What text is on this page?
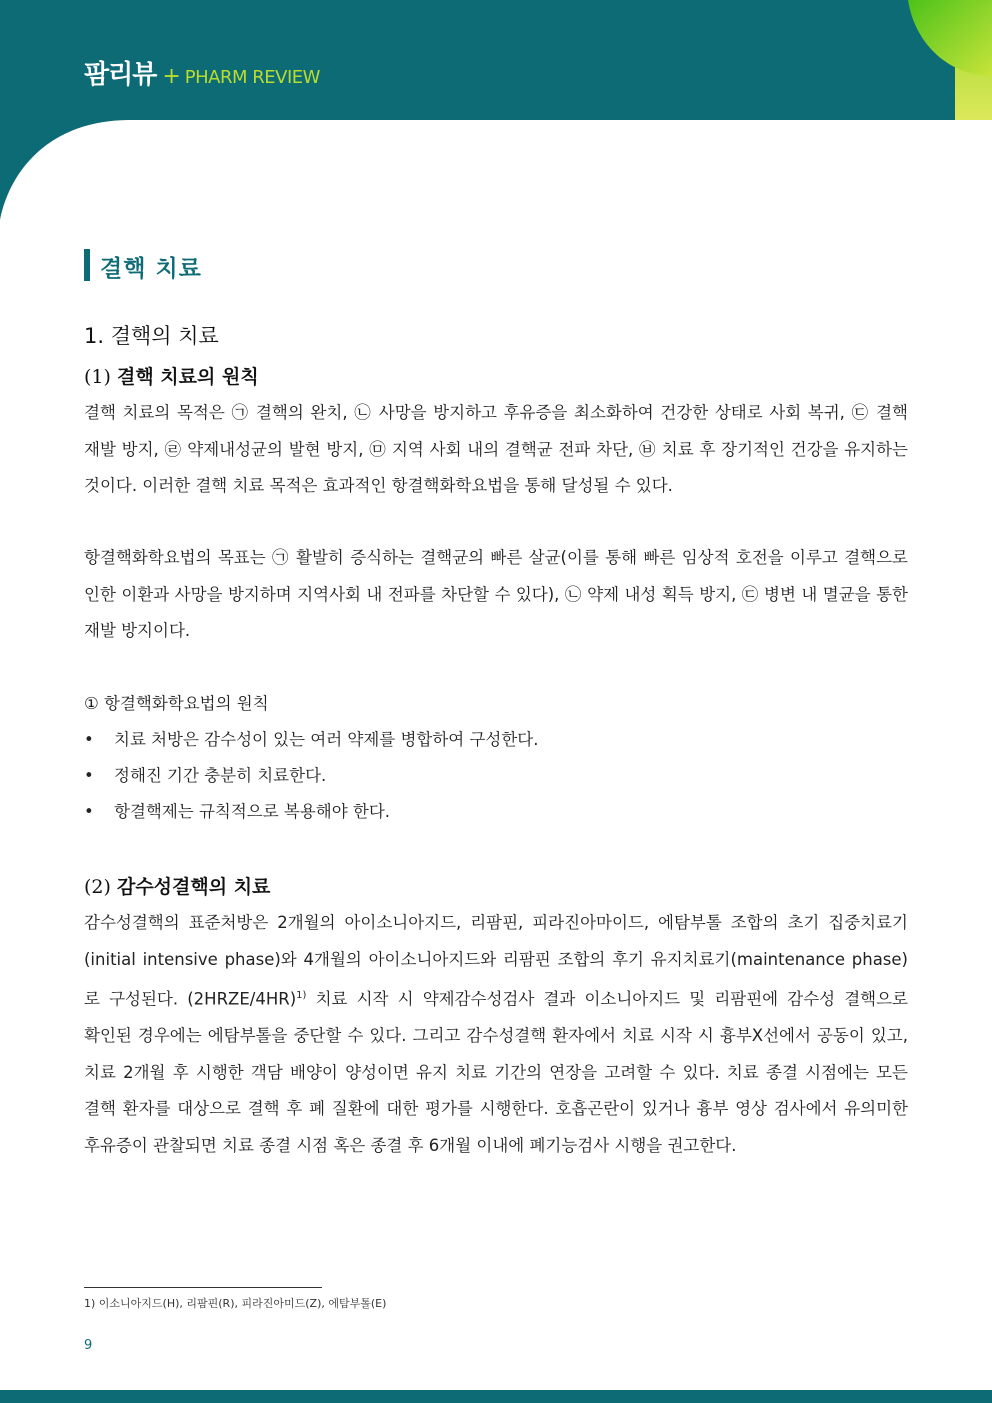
팜리뷰 + PHARM REVIEW
결핵 치료
1. 결핵의 치료
(1) 결핵 치료의 원칙

결핵 치료의 목적은 ㉠ 결핵의 완치, ㉡ 사망을 방지하고 후유증을 최소화하여 건강한 상태로 사회 복귀, ㉢ 결핵 재발 방지, ㉣ 약제내성균의 발현 방지, ㉤ 지역 사회 내의 결핵균 전파 차단, ㉥ 치료 후 장기적인 건강을 유지하는 것이다. 이러한 결핵 치료 목적은 효과적인 항결핵화학요법을 통해 달성될 수 있다.

항결핵화학요법의 목표는 ㉠ 활발히 증식하는 결핵균의 빠른 살균(이를 통해 빠른 임상적 호전을 이루고 결핵으로 인한 이환과 사망을 방지하며 지역사회 내 전파를 차단할 수 있다), ㉡ 약제 내성 획득 방지, ㉢ 병변 내 멸균을 통한 재발 방지이다.

① 항결핵화학요법의 원칙
• 치료 처방은 감수성이 있는 여러 약제를 병합하여 구성한다.
• 정해진 기간 충분히 치료한다.
• 항결핵제는 규칙적으로 복용해야 한다.
(2) 감수성결핵의 치료

감수성결핵의 표준처방은 2개월의 아이소니아지드, 리팜핀, 피라진아마이드, 에탐부톨 조합의 초기 집중치료기(initial intensive phase)와 4개월의 아이소니아지드와 리팜핀 조합의 후기 유지치료기(maintenance phase)로 구성된다. (2HRZE/4HR)$^{1)}$ 치료 시작 시 약제감수성검사 결과 이소니아지드 및 리팜핀에 감수성 결핵으로 확인된 경우에는 에탐부톨을 중단할 수 있다. 그리고 감수성결핵 환자에서 치료 시작 시 흉부X선에서 공동이 있고, 치료 2개월 후 시행한 객담 배양이 양성이면 유지 치료 기간의 연장을 고려할 수 있다. 치료 종결 시점에는 모든 결핵 환자를 대상으로 결핵 후 폐 질환에 대한 평가를 시행한다. 호흡곤란이 있거나 흉부 영상 검사에서 유의미한 후유증이 관찰되면 치료 종결 시점 혹은 종결 후 6개월 이내에 폐기능검사 시행을 권고한다.

1) 이소니아지드(H), 리팜핀(R), 피라진아미드(Z), 에탐부톨(E)
9
